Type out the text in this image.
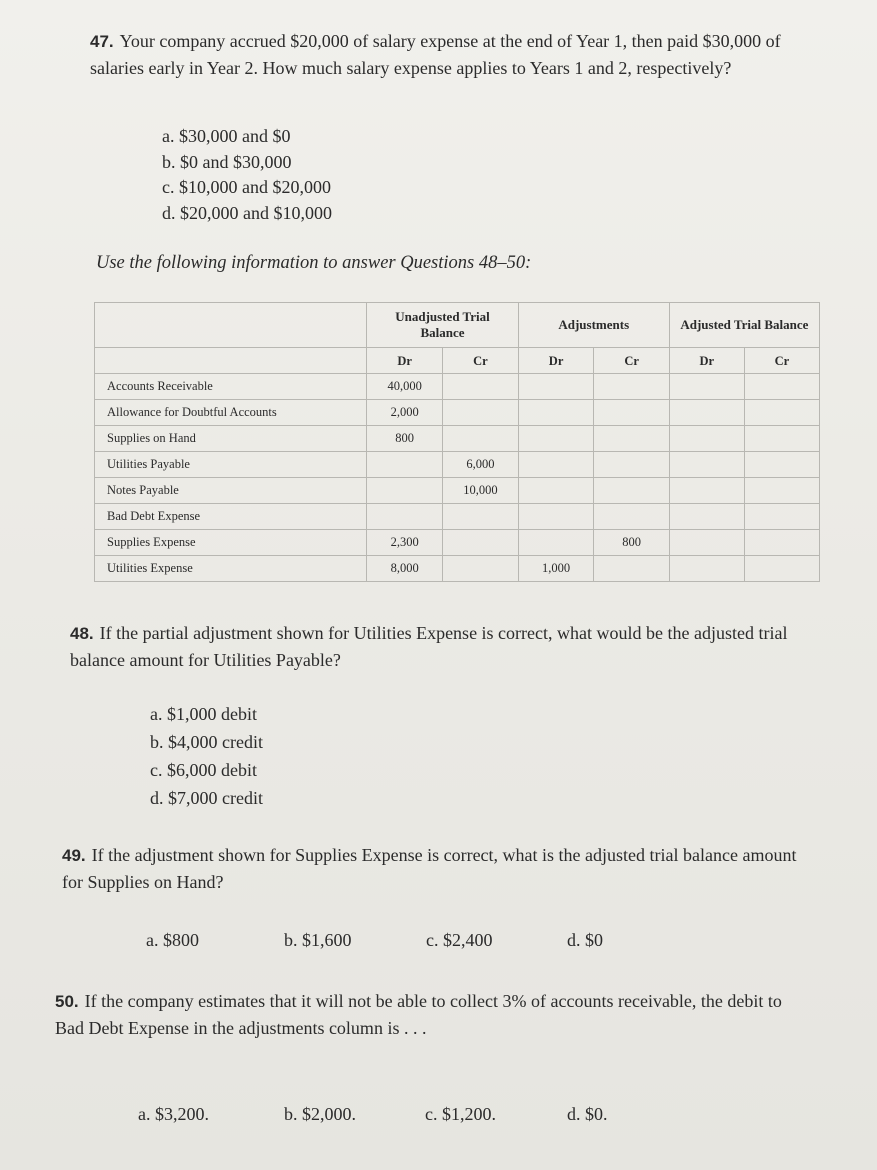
47. Your company accrued $20,000 of salary expense at the end of Year 1, then paid $30,000 of salaries early in Year 2. How much salary expense applies to Years 1 and 2, respectively?
a. $30,000 and $0
b. $0 and $30,000
c. $10,000 and $20,000
d. $20,000 and $10,000
Use the following information to answer Questions 48–50:
	Unadjusted Trial Balance		Adjustments		Adjusted Trial Balance	
	Dr	Cr	Dr	Cr	Dr	Cr
Accounts Receivable	40,000					
Allowance for Doubtful Accounts	2,000					
Supplies on Hand	800					
Utilities Payable		6,000				
Notes Payable		10,000				
Bad Debt Expense						
Supplies Expense	2,300			800		
Utilities Expense	8,000		1,000			
48. If the partial adjustment shown for Utilities Expense is correct, what would be the adjusted trial balance amount for Utilities Payable?
a. $1,000 debit
b. $4,000 credit
c. $6,000 debit
d. $7,000 credit
49. If the adjustment shown for Supplies Expense is correct, what is the adjusted trial balance amount for Supplies on Hand?
a. $800	b. $1,600	c. $2,400	d. $0
50. If the company estimates that it will not be able to collect 3% of accounts receivable, the debit to Bad Debt Expense in the adjustments column is . . .
a. $3,200.	b. $2,000.	c. $1,200.	d. $0.
